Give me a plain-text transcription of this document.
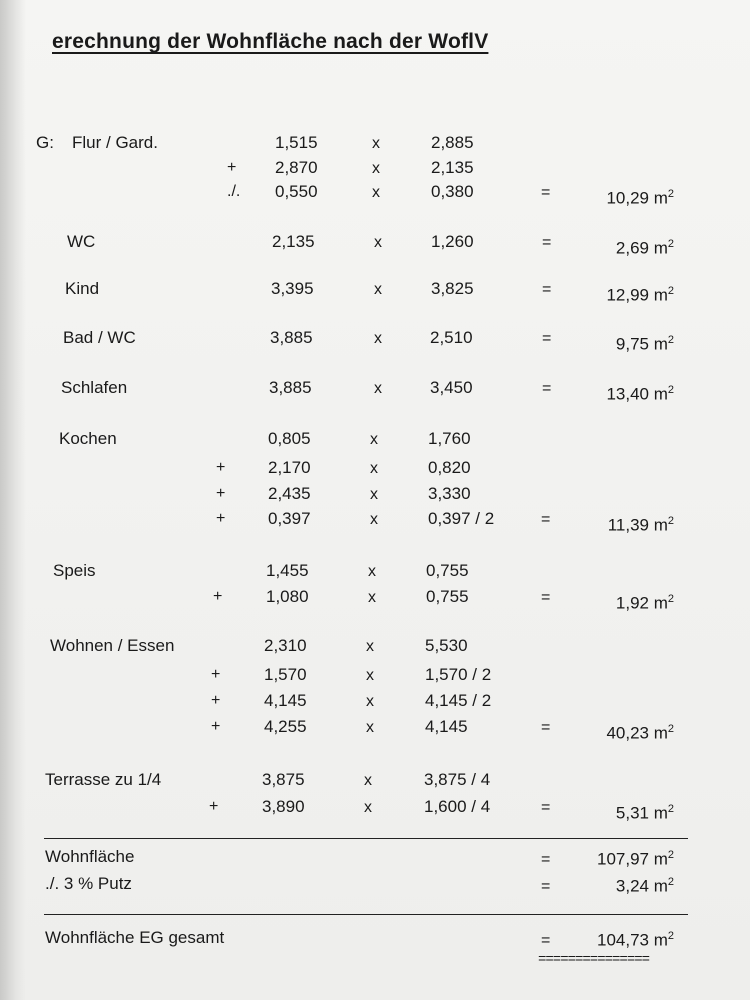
erechnung der Wohnfläche nach der WoflV
G: Flur / Gard.	1,515	x	2,885
+ 2,870	x	2,135
./. 0,550	x	0,380	=	10,29 $m^2$
WC	2,135	x	1,260	=	2,69 $m^2$
Kind	3,395	x	3,825	=	12,99 $m^2$
Bad / WC	3,885	x	2,510	=	9,75 $m^2$
Schlafen	3,885	x	3,450	=	13,40 $m^2$
Kochen	0,805	x	1,760
+	2,170	x	0,820
+	2,435	x	3,330
+	0,397	x	0,397 / 2	=	11,39 $m^2$
Speis	1,455	x	0,755
+	1,080	x	0,755	=	1,92 $m^2$
Wohnen / Essen	2,310	x	5,530
+	1,570	x	1,570 / 2
+	4,145	x	4,145 / 2
+	4,255	x	4,145	=	40,23 $m^2$
Terrasse zu 1/4	3,875	x	3,875 / 4
+	3,890	x	1,600 / 4	=	5,31 $m^2$
Wohnfläche	=	107,97 $m^2$
./. 3 % Putz	=	3,24 $m^2$
Wohnfläche EG gesamt	=	104,73 $m^2$
===============
